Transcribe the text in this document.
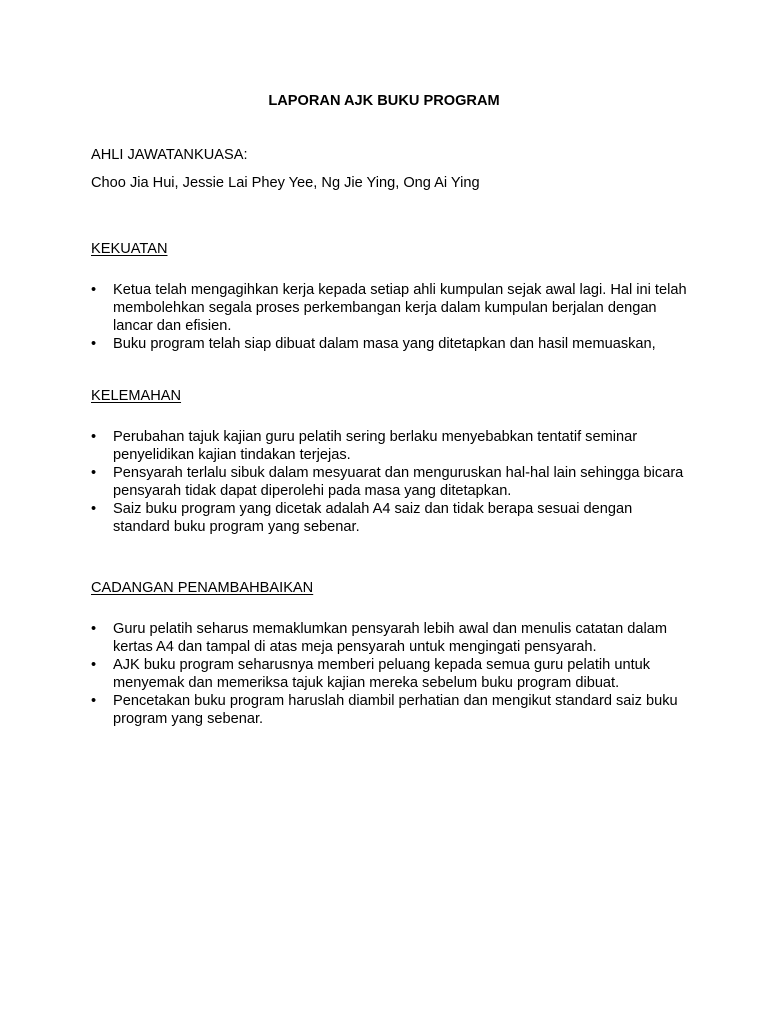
LAPORAN AJK BUKU PROGRAM
AHLI JAWATANKUASA:
Choo Jia Hui, Jessie Lai Phey Yee, Ng Jie Ying, Ong Ai Ying
KEKUATAN
•	Ketua telah mengagihkan kerja kepada setiap ahli kumpulan sejak awal lagi. Hal ini telah membolehkan segala proses perkembangan kerja dalam kumpulan berjalan dengan lancar dan efisien.
•	Buku program telah siap dibuat dalam masa yang ditetapkan dan hasil memuaskan,
KELEMAHAN
•	Perubahan tajuk kajian guru pelatih sering berlaku menyebabkan tentatif seminar penyelidikan kajian tindakan terjejas.
•	Pensyarah terlalu sibuk dalam mesyuarat dan menguruskan hal-hal lain sehingga bicara pensyarah tidak dapat diperolehi pada masa yang ditetapkan.
•	Saiz buku program yang dicetak adalah A4 saiz dan tidak berapa sesuai dengan standard buku program yang sebenar.
CADANGAN PENAMBAHBAIKAN
•	Guru pelatih seharus memaklumkan pensyarah lebih awal dan menulis catatan dalam kertas A4 dan tampal di atas meja pensyarah untuk mengingati pensyarah.
•	AJK buku program seharusnya memberi peluang kepada semua guru pelatih untuk menyemak dan memeriksa tajuk kajian mereka sebelum buku program dibuat.
•	Pencetakan buku program haruslah diambil perhatian dan mengikut standard saiz buku program yang sebenar.
